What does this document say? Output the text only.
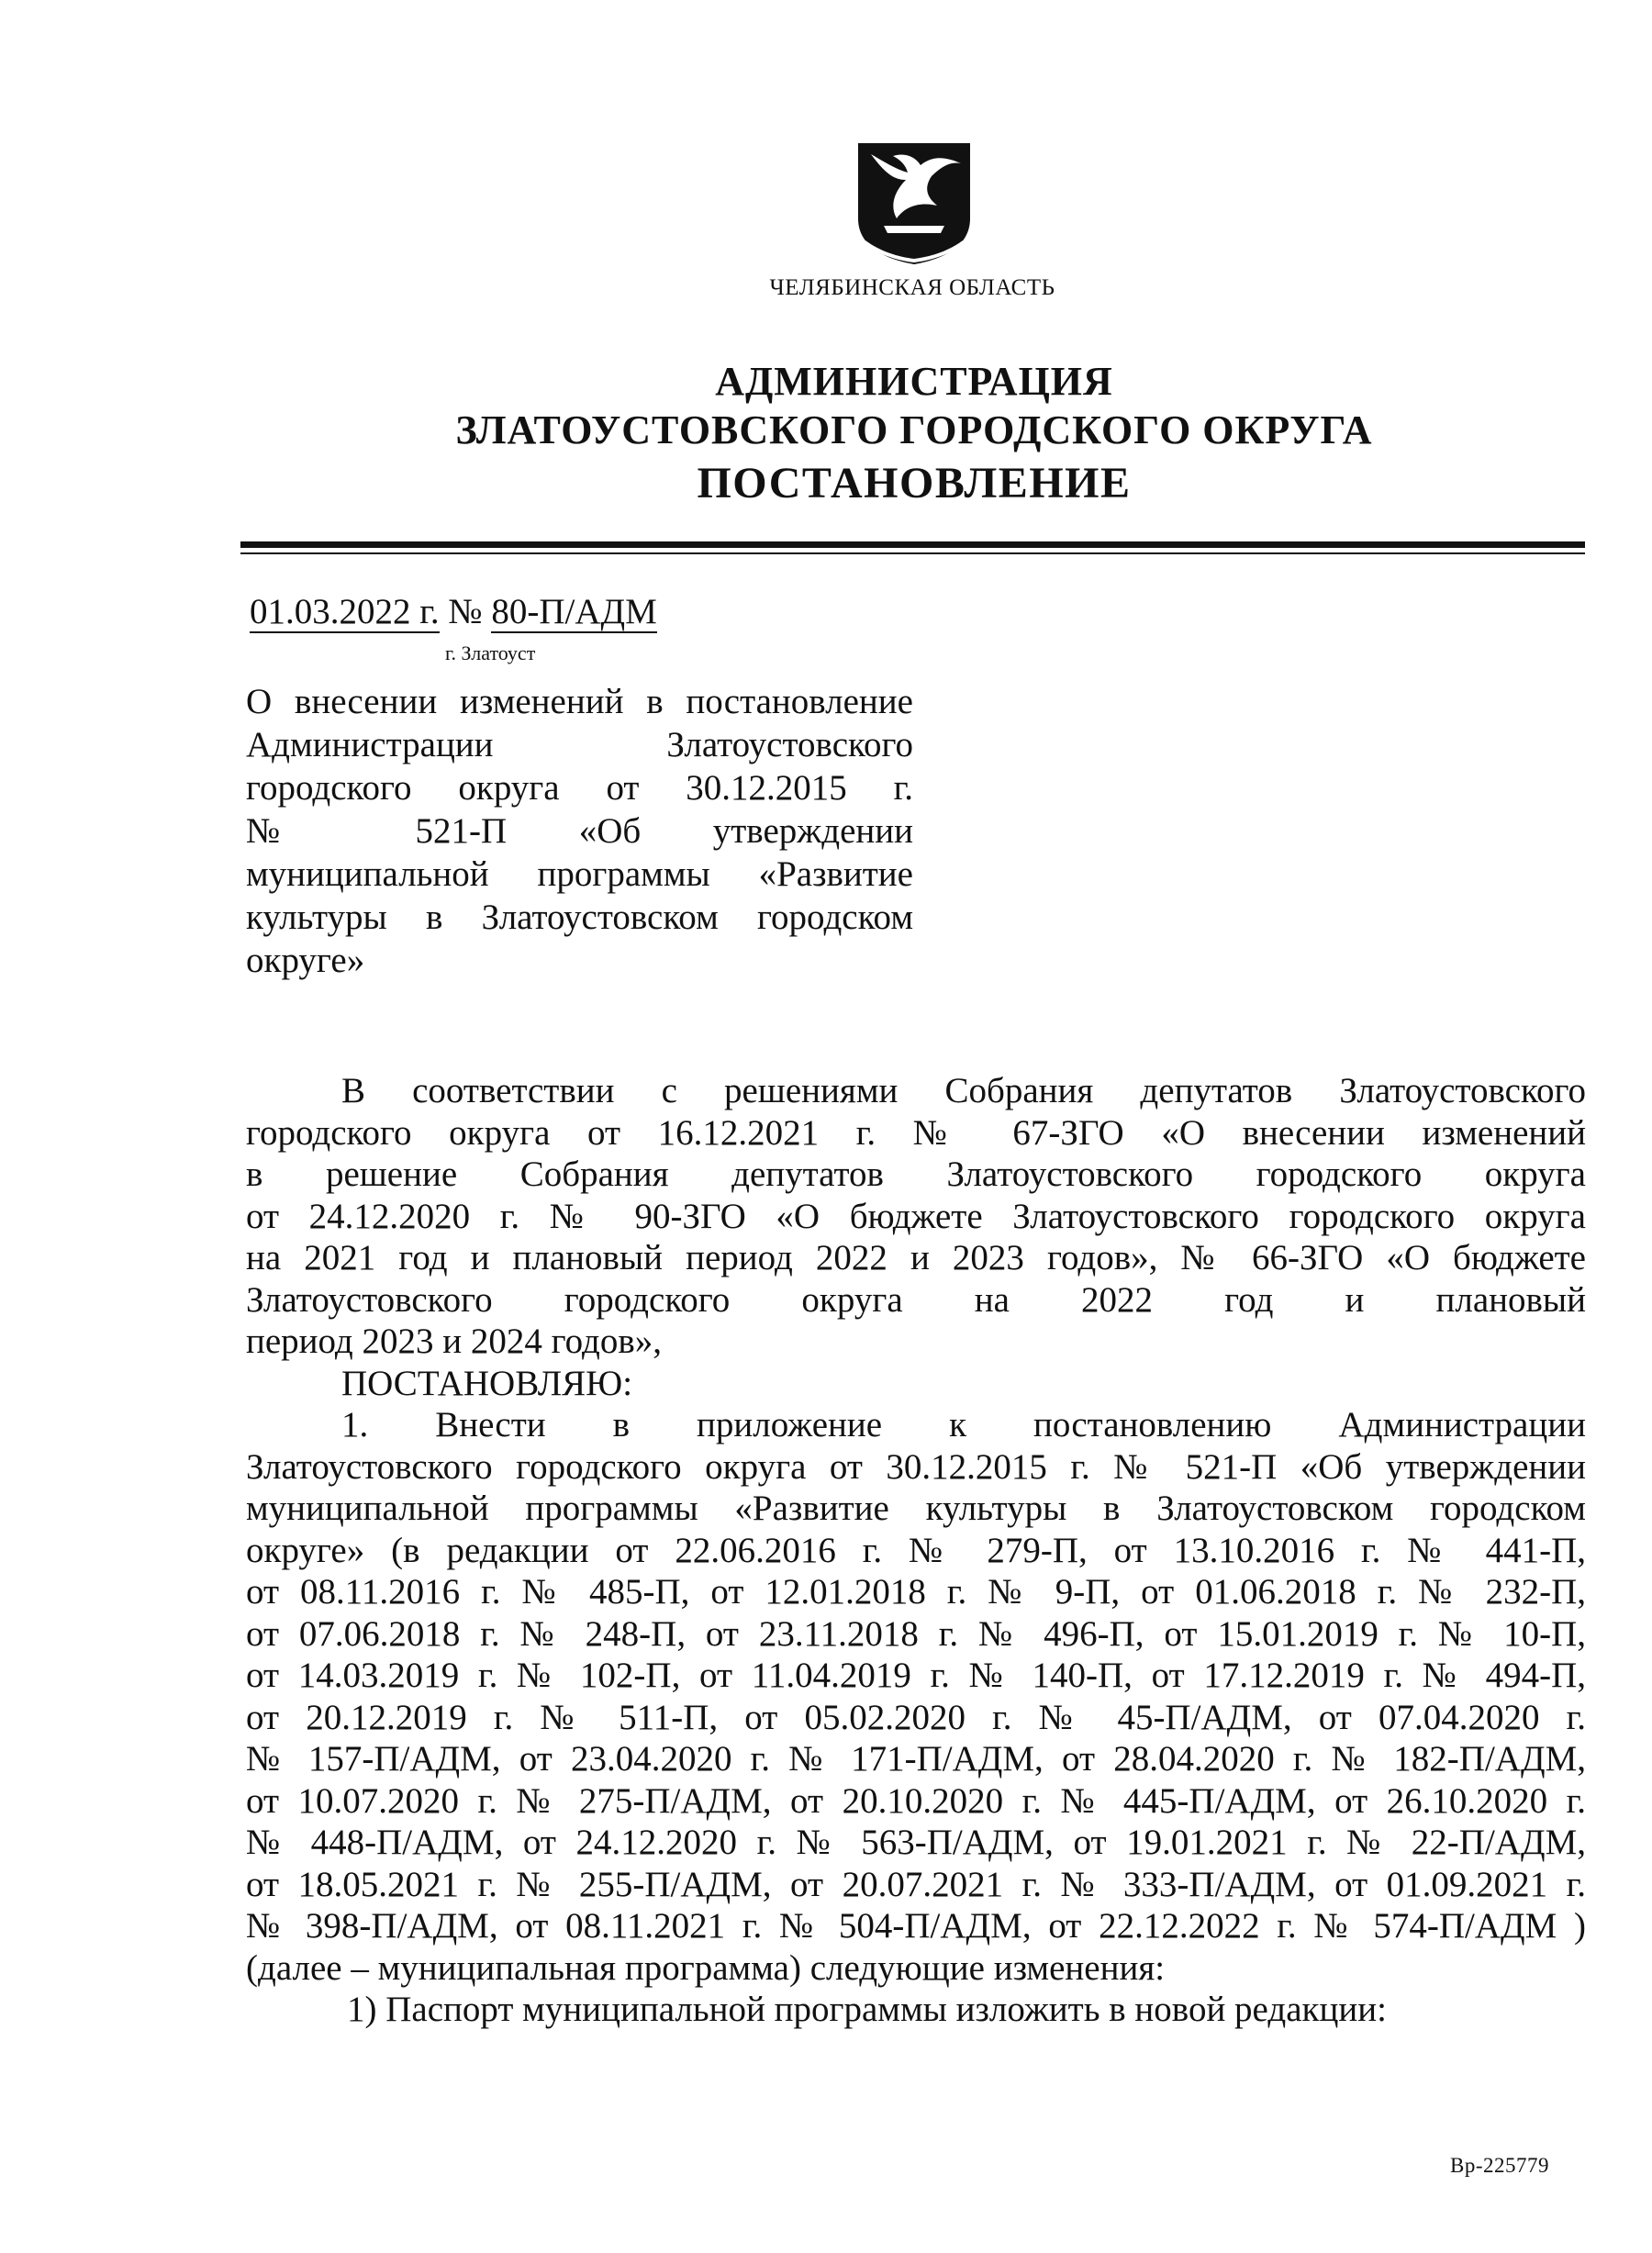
ЧЕЛЯБИНСКАЯ ОБЛАСТЬ
АДМИНИСТРАЦИЯ
ЗЛАТОУСТОВСКОГО ГОРОДСКОГО ОКРУГА
ПОСТАНОВЛЕНИЕ
01.03.2022 г. № 80-П/АДМ
г. Златоуст
О внесении изменений в постановление
Администрации Златоустовского
городского округа от 30.12.2015 г.
№ 521-П «Об утверждении
муниципальной программы «Развитие
культуры в Златоустовском городском
округе»
В соответствии с решениями Собрания депутатов Златоустовского
городского округа от 16.12.2021 г. № 67-ЗГО «О внесении изменений
в решение Собрания депутатов Златоустовского городского округа
от 24.12.2020 г. № 90-ЗГО «О бюджете Златоустовского городского округа
на 2021 год и плановый период 2022 и 2023 годов», № 66-ЗГО «О бюджете
Златоустовского городского округа на 2022 год и плановый
период 2023 и 2024 годов»,
ПОСТАНОВЛЯЮ:
1. Внести в приложение к постановлению Администрации
Златоустовского городского округа от 30.12.2015 г. № 521-П «Об утверждении
муниципальной программы «Развитие культуры в Златоустовском городском
округе» (в редакции от 22.06.2016 г. № 279-П, от 13.10.2016 г. № 441-П,
от 08.11.2016 г. № 485-П, от 12.01.2018 г. № 9-П, от 01.06.2018 г. № 232-П,
от 07.06.2018 г. № 248-П, от 23.11.2018 г. № 496-П, от 15.01.2019 г. № 10-П,
от 14.03.2019 г. № 102-П, от 11.04.2019 г. № 140-П, от 17.12.2019 г. № 494-П,
от 20.12.2019 г. № 511-П, от 05.02.2020 г. № 45-П/АДМ, от 07.04.2020 г.
№ 157-П/АДМ, от 23.04.2020 г. № 171-П/АДМ, от 28.04.2020 г. № 182-П/АДМ,
от 10.07.2020 г. № 275-П/АДМ, от 20.10.2020 г. № 445-П/АДМ, от 26.10.2020 г.
№ 448-П/АДМ, от 24.12.2020 г. № 563-П/АДМ, от 19.01.2021 г. № 22-П/АДМ,
от 18.05.2021 г. № 255-П/АДМ, от 20.07.2021 г. № 333-П/АДМ, от 01.09.2021 г.
№ 398-П/АДМ, от 08.11.2021 г. № 504-П/АДМ, от 22.12.2022 г. № 574-П/АДМ )
(далее – муниципальная программа) следующие изменения:
1) Паспорт муниципальной программы изложить в новой редакции:
Вр-225779
